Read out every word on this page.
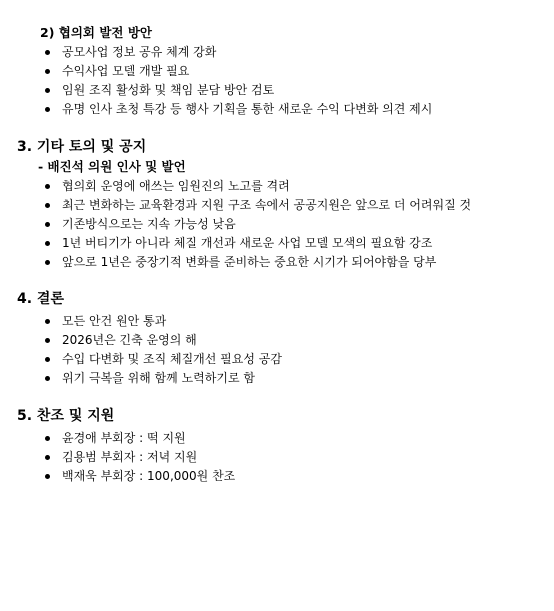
2) 협의회 발전 방안
공모사업 정보 공유 체계 강화
수익사업 모델 개발 필요
임원 조직 활성화 및 책임 분담 방안 검토
유명 인사 초청 특강 등 행사 기획을 통한 새로운 수익 다변화 의견 제시
3. 기타 토의 및 공지
- 배진석 의원 인사 및 발언
협의회 운영에 애쓰는 임원진의 노고를 격려
최근 변화하는 교육환경과 지원 구조 속에서 공공지원은 앞으로 더 어려워질 것
기존방식으로는 지속 가능성 낮음
1년 버티기가 아니라 체질 개선과 새로운 사업 모델 모색의 필요함 강조
앞으로 1년은 중장기적 변화를 준비하는 중요한 시기가 되어야함을 당부
4. 결론
모든 안건 원안 통과
2026년은 긴축 운영의 해
수입 다변화 및 조직 체질개선 필요성 공감
위기 극복을 위해 함께 노력하기로 함
5. 찬조 및 지원
윤경애 부회장 : 떡 지원
김용범 부회자 : 저녁 지원
백재욱 부회장 : 100,000원 찬조
